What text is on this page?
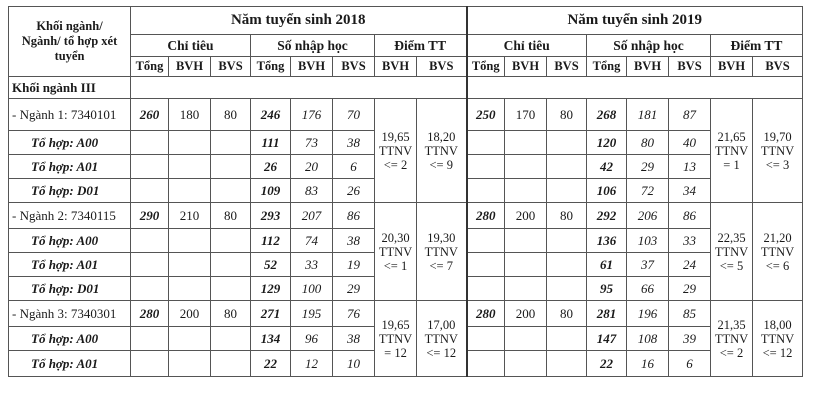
Khối ngành/
Ngành/ tổ hợp xét
tuyển	Năm tuyển sinh 2018								Năm tuyển sinh 2019							
	Chỉ tiêu			Số nhập học			Điểm TT		Chỉ tiêu			Số nhập học			Điểm TT	
	Tổng	BVH	BVS	Tổng	BVH	BVS	BVH	BVS	Tổng	BVH	BVS	Tổng	BVH	BVS	BVH	BVS
Khối ngành III																
- Ngành 1: 7340101	260	180	80	246	176	70	19,65
TTNV
<= 2	18,20
TTNV
<= 9	250	170	80	268	181	87	21,65
TTNV
= 1	19,70
TTNV
<= 3
Tổ hợp: A00				111	73	38						120	80	40		
Tổ hợp: A01				26	20	6						42	29	13		
Tổ hợp: D01				109	83	26						106	72	34		
- Ngành 2: 7340115	290	210	80	293	207	86	20,30
TTNV
<= 1	19,30
TTNV
<= 7	280	200	80	292	206	86	22,35
TTNV
<= 5	21,20
TTNV
<= 6
Tổ hợp: A00				112	74	38						136	103	33		
Tổ hợp: A01				52	33	19						61	37	24		
Tổ hợp: D01				129	100	29						95	66	29		
- Ngành 3: 7340301	280	200	80	271	195	76	19,65
TTNV
= 12	17,00
TTNV
<= 12	280	200	80	281	196	85	21,35
TTNV
<= 2	18,00
TTNV
<= 12
Tổ hợp: A00				134	96	38						147	108	39		
Tổ hợp: A01				22	12	10						22	16	6		
